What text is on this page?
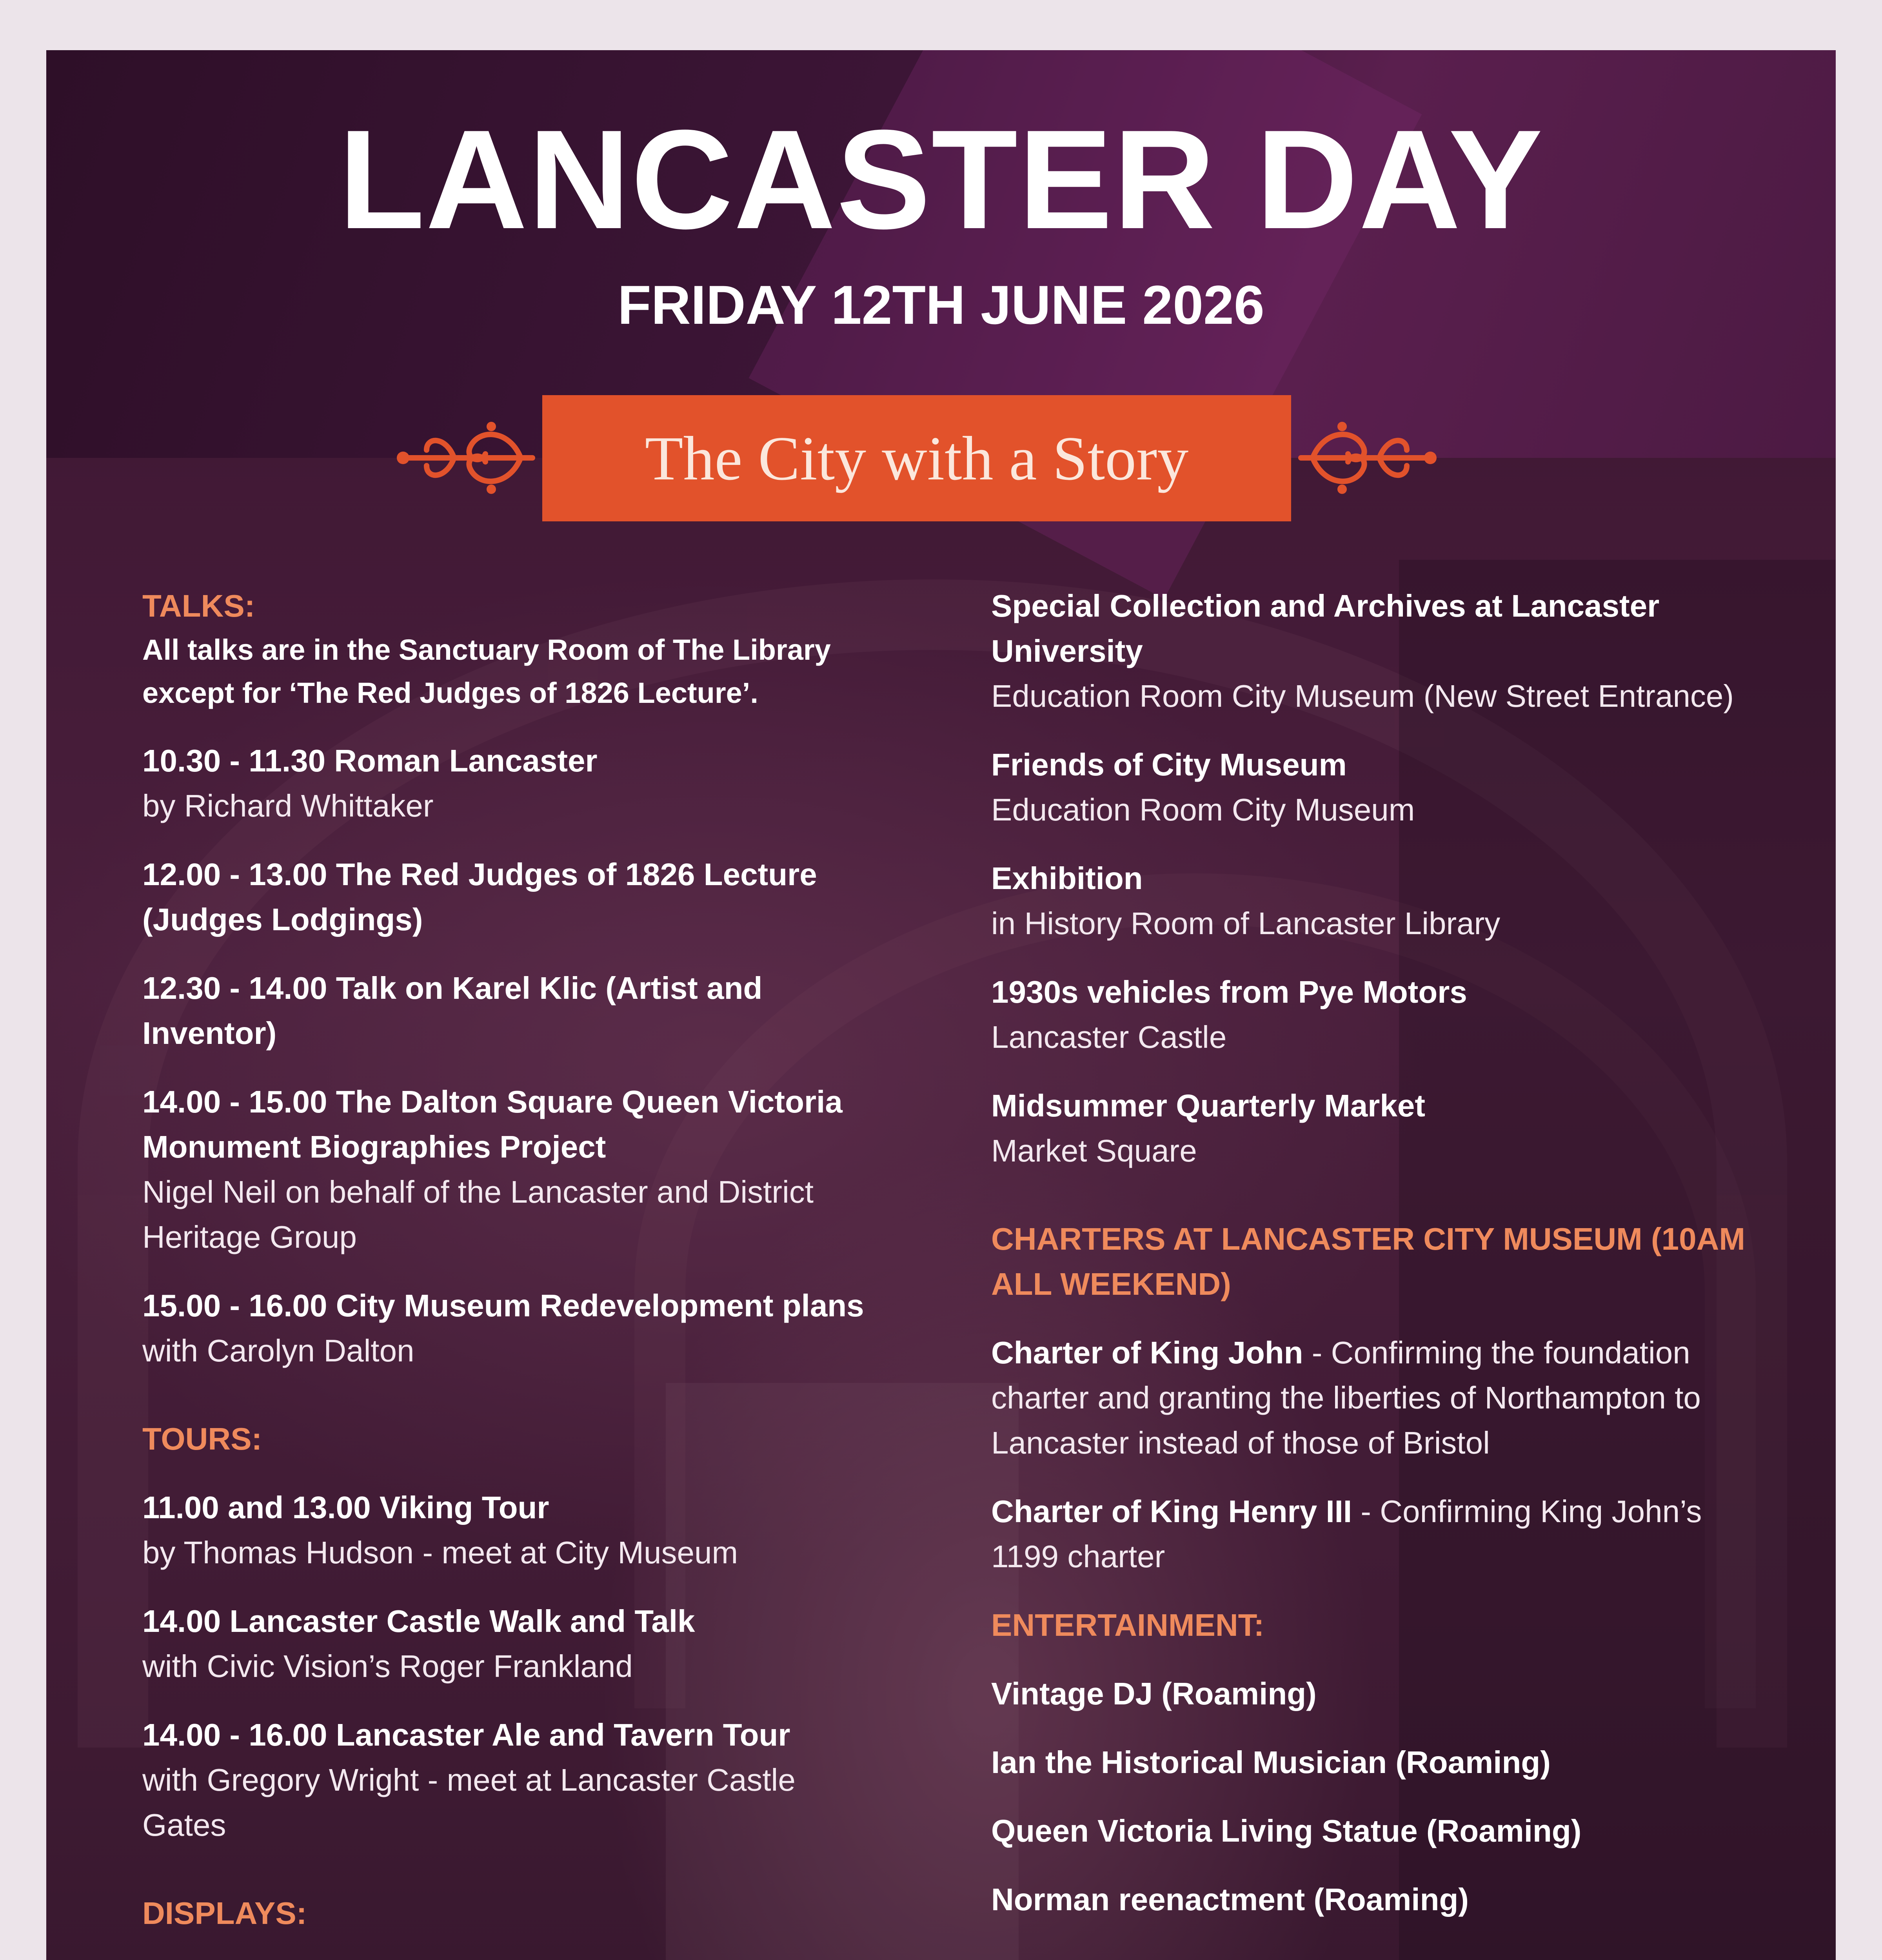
LANCASTER DAY
FRIDAY 12TH JUNE 2026
The City with a Story

TALKS:

All talks are in the Sanctuary Room of The Library except for ‘The Red Judges of 1826 Lecture’.

10.30 - 11.30 Roman Lancaster

by Richard Whittaker

12.00 - 13.00 The Red Judges of 1826 Lecture (Judges Lodgings)

12.30 - 14.00 Talk on Karel Klic (Artist and Inventor)

14.00 - 15.00 The Dalton Square Queen Victoria Monument Biographies Project

Nigel Neil on behalf of the Lancaster and District Heritage Group

15.00 - 16.00 City Museum Redevelopment plans

with Carolyn Dalton

TOURS:

11.00 and 13.00 Viking Tour

by Thomas Hudson - meet at City Museum

14.00 Lancaster Castle Walk and Talk

with Civic Vision’s Roger Frankland

14.00 - 16.00 Lancaster Ale and Tavern Tour

with Gregory Wright - meet at Lancaster Castle Gates

DISPLAYS:

Special Collection and Archives at Lancaster University

Education Room City Museum (New Street Entrance)

Friends of City Museum

Education Room City Museum

Exhibition

in History Room of Lancaster Library

1930s vehicles from Pye Motors

Lancaster Castle

Midsummer Quarterly Market

Market Square

CHARTERS AT LANCASTER CITY MUSEUM (10AM ALL WEEKEND)

Charter of King John - Confirming the foundation charter and granting the liberties of Northampton to Lancaster instead of those of Bristol

Charter of King Henry III - Confirming King John’s 1199 charter

ENTERTAINMENT:

Vintage DJ (Roaming)

Ian the Historical Musician (Roaming)

Queen Victoria Living Statue (Roaming)

Norman reenactment (Roaming)
